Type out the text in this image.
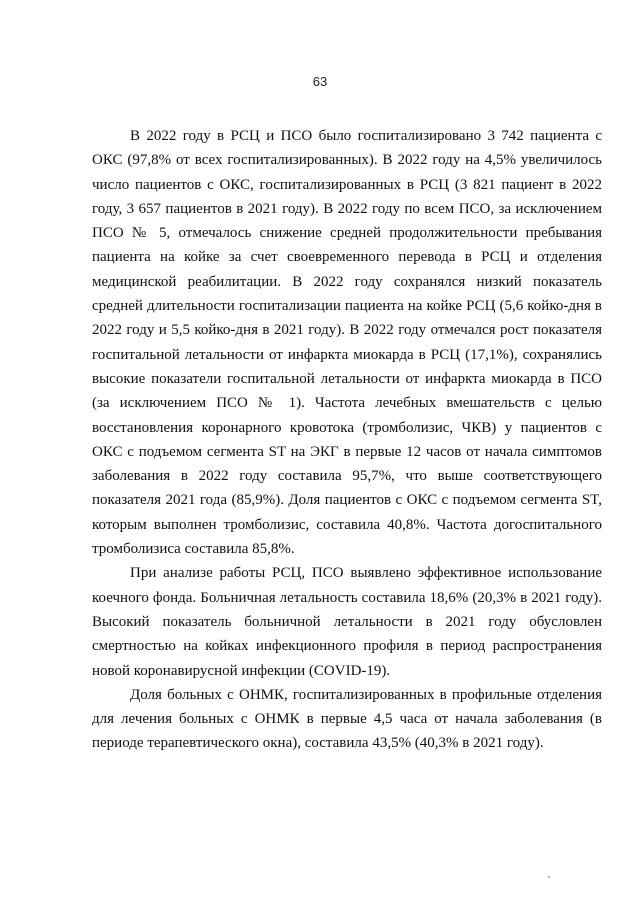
63

В 2022 году в РСЦ и ПСО было госпитализировано 3 742 пациента с ОКС (97,8% от всех госпитализированных). В 2022 году на 4,5% увеличилось число пациентов с ОКС, госпитализированных в РСЦ (3 821 пациент в 2022 году, 3 657 пациентов в 2021 году). В 2022 году по всем ПСО, за исключением ПСО № 5, отмечалось снижение средней продолжительности пребывания пациента на койке за счет своевременного перевода в РСЦ и отделения медицинской реабилитации. В 2022 году сохранялся низкий показатель средней длительности госпитализации пациента на койке РСЦ (5,6 койко-дня в 2022 году и 5,5 койко-дня в 2021 году). В 2022 году отмечался рост показателя госпитальной летальности от инфаркта миокарда в РСЦ (17,1%), сохранялись высокие показатели госпитальной летальности от инфаркта миокарда в ПСО (за исключением ПСО № 1). Частота лечебных вмешательств с целью восстановления коронарного кровотока (тромболизис, ЧКВ) у пациентов с ОКС с подъемом сегмента ST на ЭКГ в первые 12 часов от начала симптомов заболевания в 2022 году составила 95,7%, что выше соответствующего показателя 2021 года (85,9%). Доля пациентов с ОКС с подъемом сегмента ST, которым выполнен тромболизис, составила 40,8%. Частота догоспитального тромболизиса составила 85,8%.

При анализе работы РСЦ, ПСО выявлено эффективное использование коечного фонда. Больничная летальность составила 18,6% (20,3% в 2021 году). Высокий показатель больничной летальности в 2021 году обусловлен смертностью на койках инфекционного профиля в период распространения новой коронавирусной инфекции (COVID-19).

Доля больных с ОНМК, госпитализированных в профильные отделения для лечения больных с ОНМК в первые 4,5 часа от начала заболевания (в периоде терапевтического окна), составила 43,5% (40,3% в 2021 году).
